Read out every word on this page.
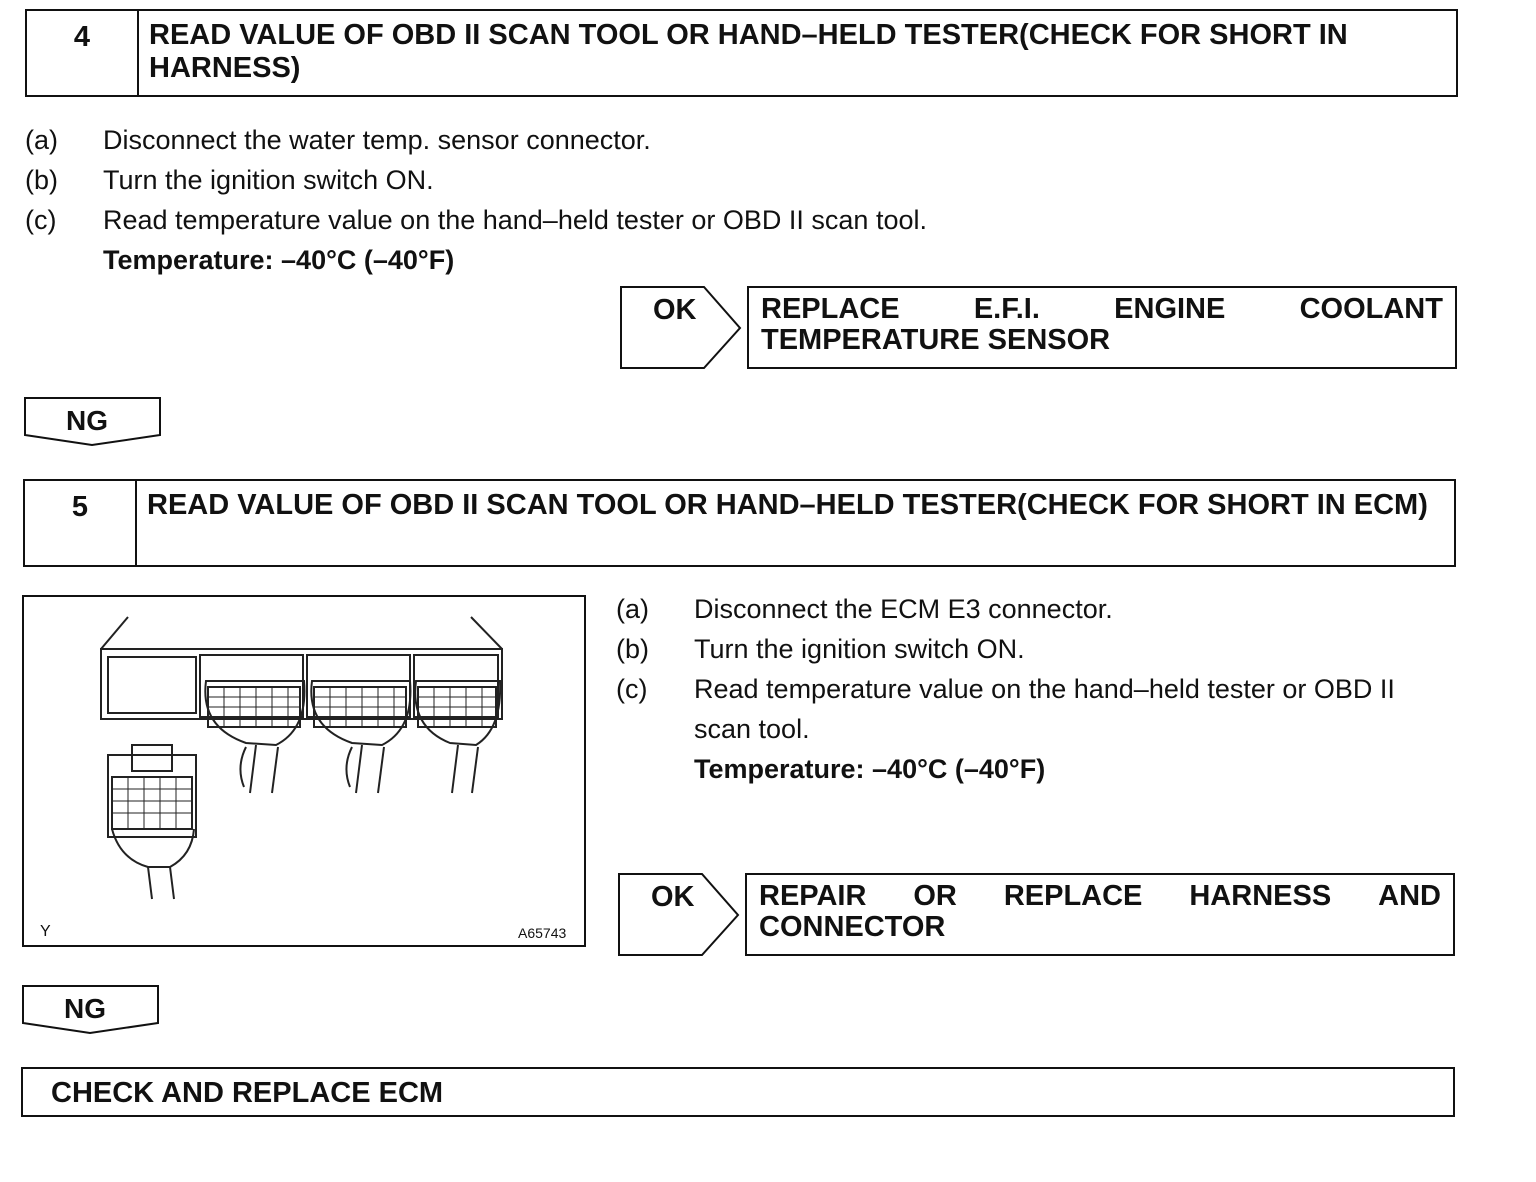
4	READ VALUE OF OBD II SCAN TOOL OR HAND–HELD TESTER(CHECK FOR SHORT IN HARNESS)
(a)	Disconnect the water temp. sensor connector.
(b)	Turn the ignition switch ON.
(c)	Read temperature value on the hand–held tester or OBD II scan tool.
Temperature: –40°C (–40°F)
OK REPLACE	E.F.I.	ENGINE	COOLANT
TEMPERATURE SENSOR
NG
5	READ VALUE OF OBD II SCAN TOOL OR HAND–HELD TESTER(CHECK FOR SHORT IN ECM)
Y	A65743
(a)	Disconnect the ECM E3 connector.
(b)	Turn the ignition switch ON.
(c)	Read temperature value on the hand–held tester or OBD II scan tool.
Temperature: –40°C (–40°F)
OK REPAIR OR REPLACE HARNESS AND
CONNECTOR
NG
CHECK AND REPLACE ECM
